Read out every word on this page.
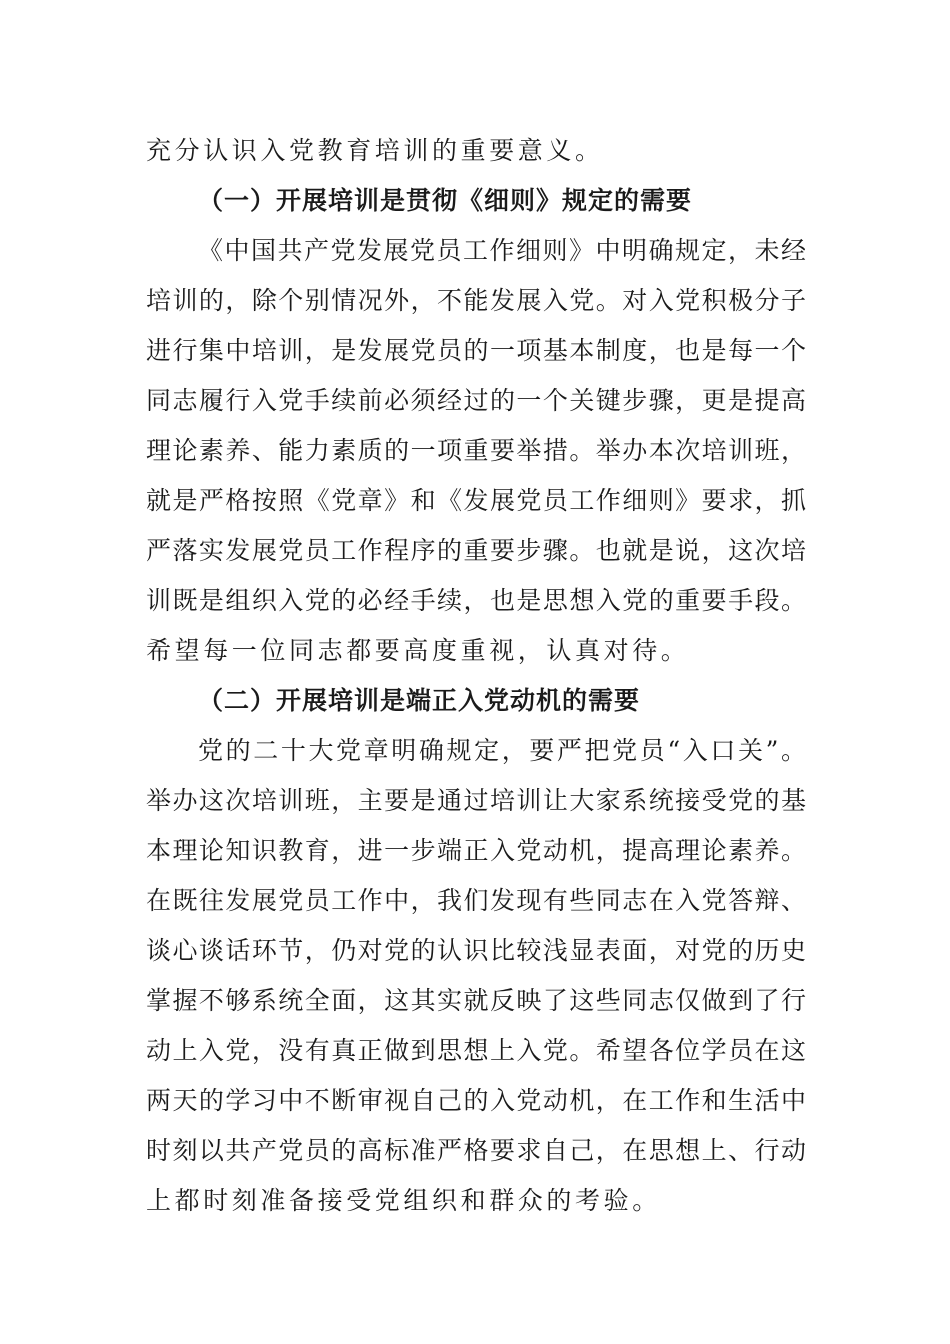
充分认识入党教育培训的重要意义。
（一）开展培训是贯彻《细则》规定的需要
《中国共产党发展党员工作细则》中明确规定，未经
培训的，除个别情况外，不能发展入党。对入党积极分子
进行集中培训，是发展党员的一项基本制度，也是每一个
同志履行入党手续前必须经过的一个关键步骤，更是提高
理论素养、能力素质的一项重要举措。举办本次培训班，
就是严格按照《党章》和《发展党员工作细则》要求，抓
严落实发展党员工作程序的重要步骤。也就是说，这次培
训既是组织入党的必经手续，也是思想入党的重要手段。
希望每一位同志都要高度重视，认真对待。
（二）开展培训是端正入党动机的需要
党的二十大党章明确规定，要严把党员“入口关”。
举办这次培训班，主要是通过培训让大家系统接受党的基
本理论知识教育，进一步端正入党动机，提高理论素养。
在既往发展党员工作中，我们发现有些同志在入党答辩、
谈心谈话环节，仍对党的认识比较浅显表面，对党的历史
掌握不够系统全面，这其实就反映了这些同志仅做到了行
动上入党，没有真正做到思想上入党。希望各位学员在这
两天的学习中不断审视自己的入党动机，在工作和生活中
时刻以共产党员的高标准严格要求自己，在思想上、行动
上都时刻准备接受党组织和群众的考验。
